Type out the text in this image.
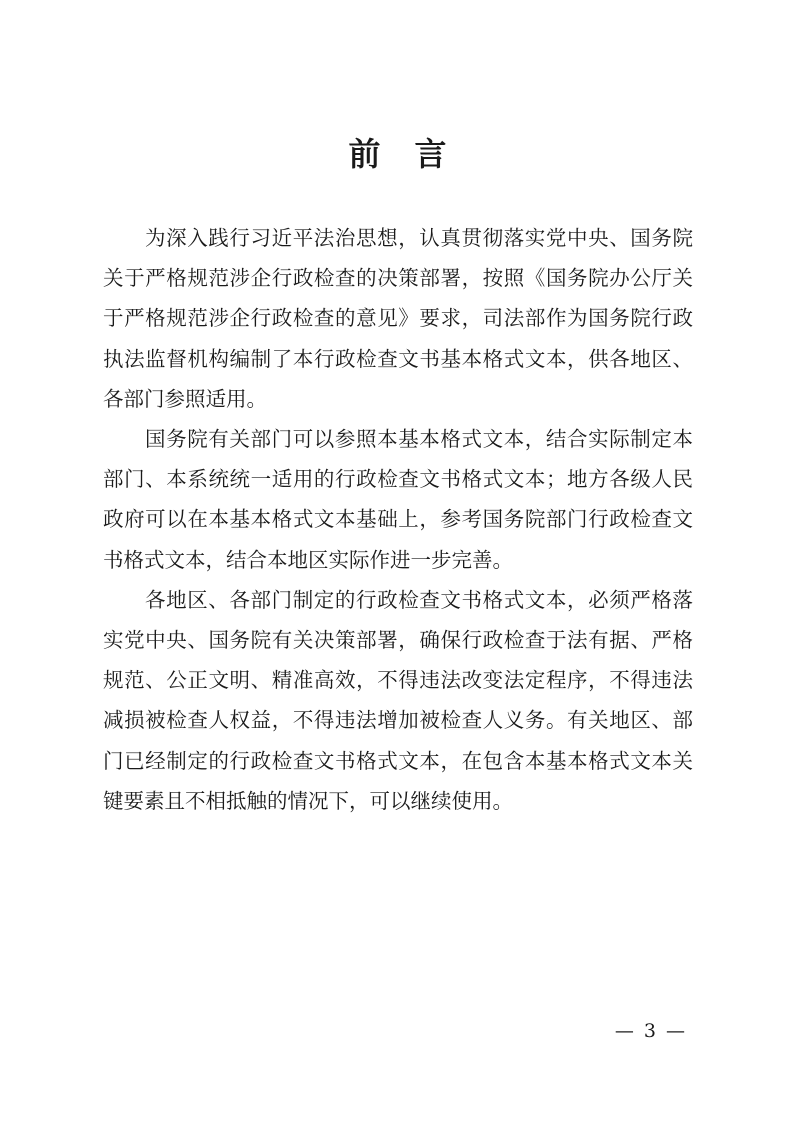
前言

为深入践行习近平法治思想，认真贯彻落实党中央、国务院关于严格规范涉企行政检查的决策部署，按照《国务院办公厅关于严格规范涉企行政检查的意见》要求，司法部作为国务院行政执法监督机构编制了本行政检查文书基本格式文本，供各地区、各部门参照适用。

国务院有关部门可以参照本基本格式文本，结合实际制定本部门、本系统统一适用的行政检查文书格式文本；地方各级人民政府可以在本基本格式文本基础上，参考国务院部门行政检查文书格式文本，结合本地区实际作进一步完善。

各地区、各部门制定的行政检查文书格式文本，必须严格落实党中央、国务院有关决策部署，确保行政检查于法有据、严格规范、公正文明、精准高效，不得违法改变法定程序，不得违法减损被检查人权益，不得违法增加被检查人义务。有关地区、部门已经制定的行政检查文书格式文本，在包含本基本格式文本关键要素且不相抵触的情况下，可以继续使用。

— 3 —
